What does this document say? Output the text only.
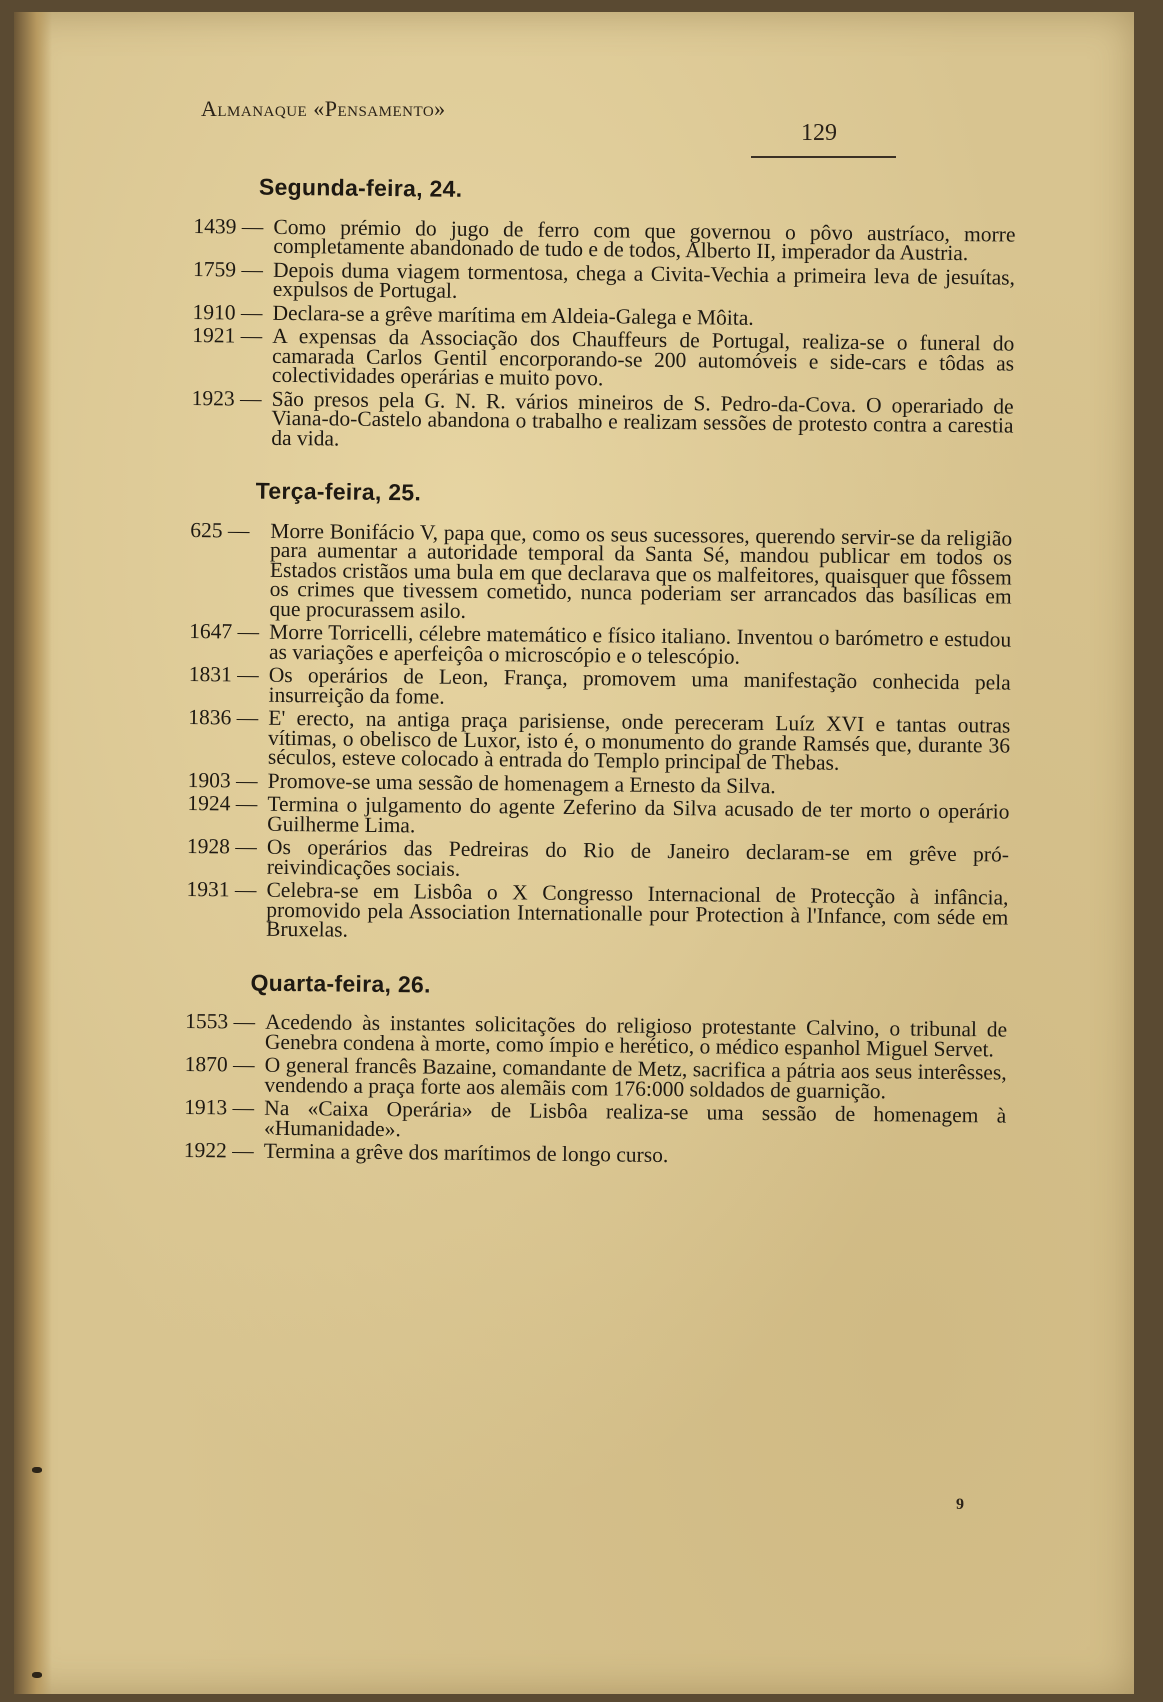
Almanaque «Pensamento»
129
Segunda-feira, 24.
1439 — Como prémio do jugo de ferro com que governou o pôvo austríaco, morre completamente abandonado de tudo e de todos, Alberto II, imperador da Austria.
1759 — Depois duma viagem tormentosa, chega a Civita-Vechia a primeira leva de jesuítas, expulsos de Portugal.
1910 — Declara-se a grêve marítima em Aldeia-Galega e Môita.
1921 — A expensas da Associação dos Chauffeurs de Portugal, realiza-se o funeral do camarada Carlos Gentil encorporando-se 200 automóveis e side-cars e tôdas as colectividades operárias e muito povo.
1923 — São presos pela G. N. R. vários mineiros de S. Pedro-da-Cova. O operariado de Viana-do-Castelo abandona o trabalho e realizam sessões de protesto contra a carestia da vida.
Terça-feira, 25.
625 — Morre Bonifácio V, papa que, como os seus sucessores, querendo servir-se da religião para aumentar a autoridade temporal da Santa Sé, mandou publicar em todos os Estados cristãos uma bula em que declarava que os malfeitores, quaisquer que fôssem os crimes que tivessem cometido, nunca poderiam ser arrancados das basílicas em que procurassem asilo.
1647 — Morre Torricelli, célebre matemático e físico italiano. Inventou o barómetro e estudou as variações e aperfeiçôa o microscópio e o telescópio.
1831 — Os operários de Leon, França, promovem uma manifestação conhecida pela insurreição da fome.
1836 — E' erecto, na antiga praça parisiense, onde pereceram Luíz XVI e tantas outras vítimas, o obelisco de Luxor, isto é, o monumento do grande Ramsés que, durante 36 séculos, esteve colocado à entrada do Templo principal de Thebas.
1903 — Promove-se uma sessão de homenagem a Ernesto da Silva.
1924 — Termina o julgamento do agente Zeferino da Silva acusado de ter morto o operário Guilherme Lima.
1928 — Os operários das Pedreiras do Rio de Janeiro declaram-se em grêve pró-reivindicações sociais.
1931 — Celebra-se em Lisbôa o X Congresso Internacional de Protecção à infância, promovido pela Association Internationalle pour Protection à l'Infance, com séde em Bruxelas.
Quarta-feira, 26.
1553 — Acedendo às instantes solicitações do religioso protestante Calvino, o tribunal de Genebra condena à morte, como ímpio e herético, o médico espanhol Miguel Servet.
1870 — O general francês Bazaine, comandante de Metz, sacrifica a pátria aos seus interêsses, vendendo a praça forte aos alemãis com 176:000 soldados de guarnição.
1913 — Na «Caixa Operária» de Lisbôa realiza-se uma sessão de homenagem à «Humanidade».
1922 — Termina a grêve dos marítimos de longo curso.
9
